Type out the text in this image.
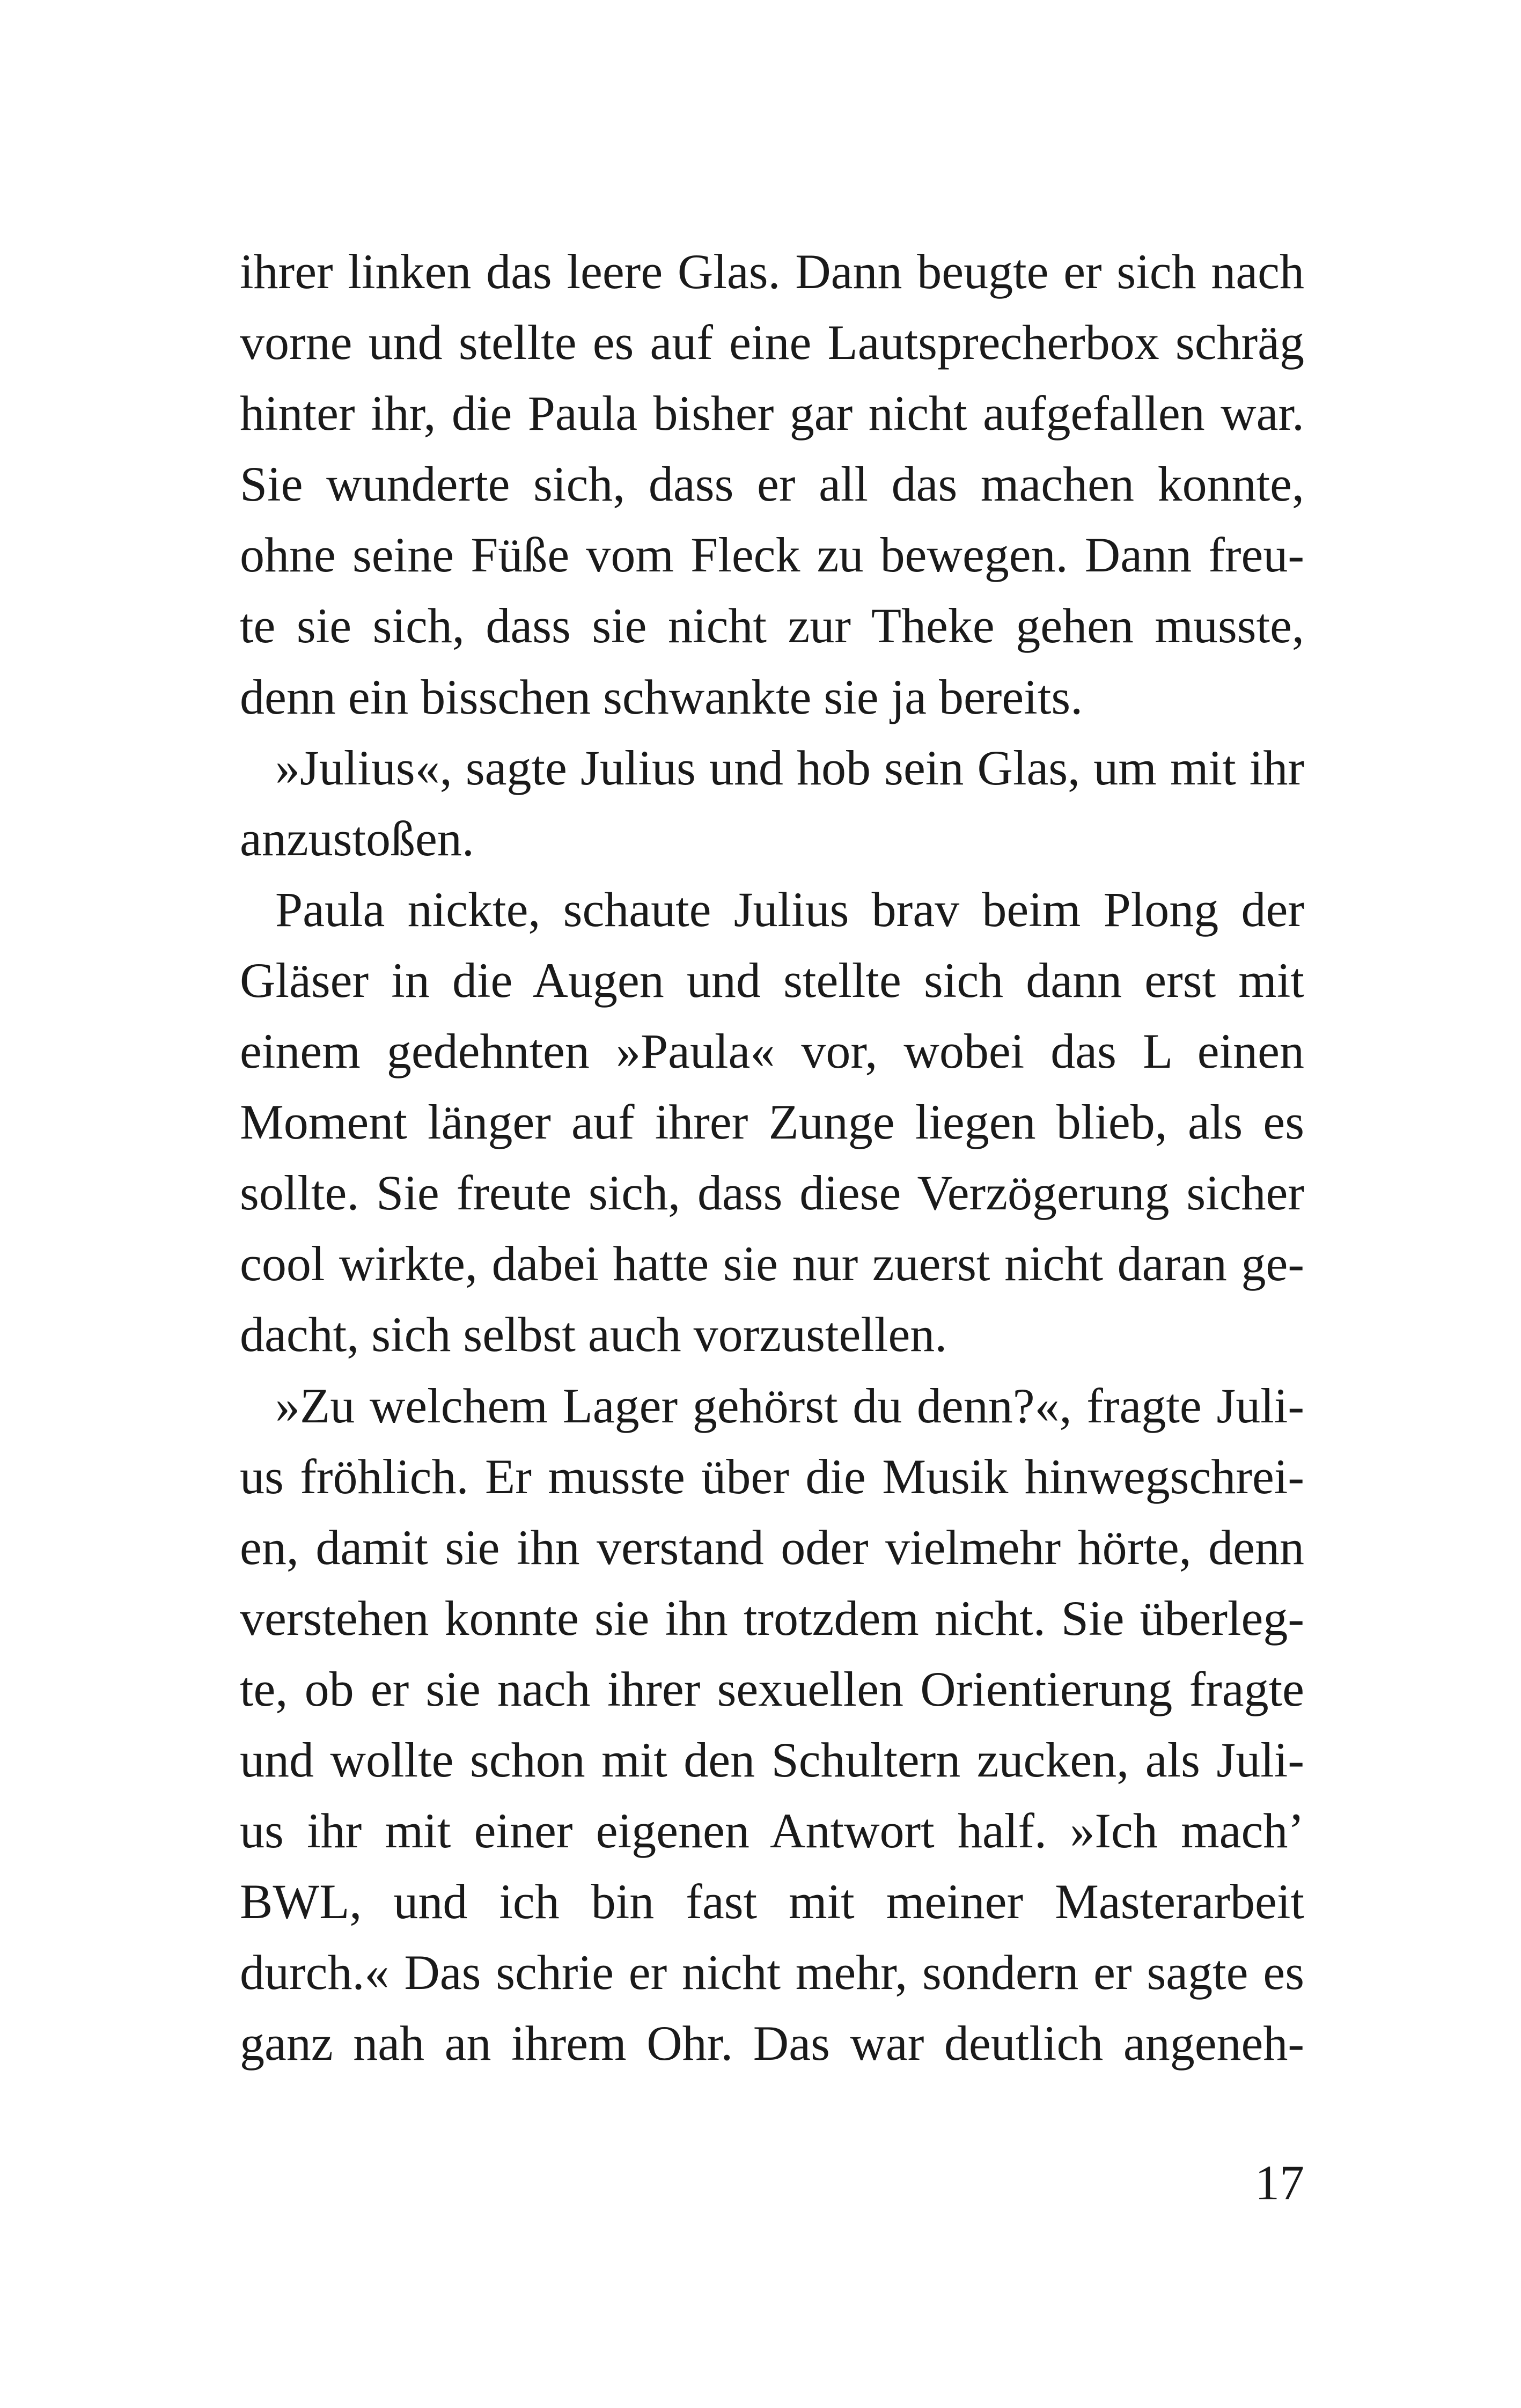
ihrer linken das leere Glas. Dann beugte er sich nach
vorne und stellte es auf eine Lautsprecherbox schräg
hinter ihr, die Paula bisher gar nicht aufgefallen war.
Sie wunderte sich, dass er all das machen konnte,
ohne seine Füße vom Fleck zu bewegen. Dann freu-
te sie sich, dass sie nicht zur Theke gehen musste,
denn ein bisschen schwankte sie ja bereits.
»Julius«, sagte Julius und hob sein Glas, um mit ihr
anzustoßen.
Paula nickte, schaute Julius brav beim Plong der
Gläser in die Augen und stellte sich dann erst mit
einem gedehnten »Paula« vor, wobei das L einen
Moment länger auf ihrer Zunge liegen blieb, als es
sollte. Sie freute sich, dass diese Verzögerung sicher
cool wirkte, dabei hatte sie nur zuerst nicht daran ge-
dacht, sich selbst auch vorzustellen.
»Zu welchem Lager gehörst du denn?«, fragte Juli-
us fröhlich. Er musste über die Musik hinwegschrei-
en, damit sie ihn verstand oder vielmehr hörte, denn
verstehen konnte sie ihn trotzdem nicht. Sie überleg-
te, ob er sie nach ihrer sexuellen Orientierung fragte
und wollte schon mit den Schultern zucken, als Juli-
us ihr mit einer eigenen Antwort half. »Ich mach’
BWL, und ich bin fast mit meiner Masterarbeit
durch.« Das schrie er nicht mehr, sondern er sagte es
ganz nah an ihrem Ohr. Das war deutlich angeneh-
17
